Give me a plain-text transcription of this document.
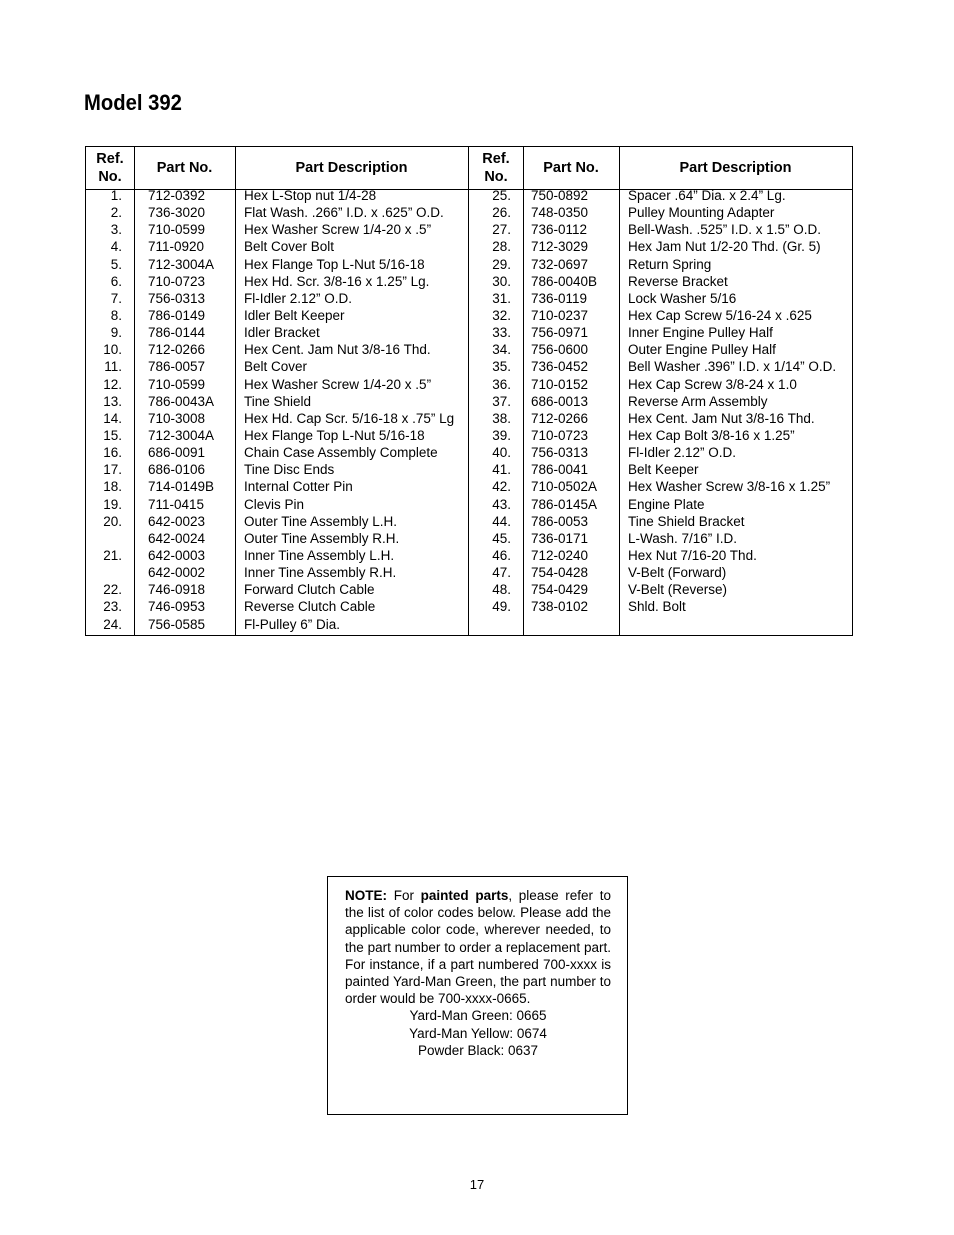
Model 392
Ref. No.
Part No.	Part Description
1. 712-0392	Hex L-Stop nut 1/4-28
2. 736-3020	Flat Wash. .266” I.D. x .625” O.D.
3. 710-0599	Hex Washer Screw 1/4-20 x .5”
4. 711-0920	Belt Cover Bolt
5. 712-3004A Hex Flange Top L-Nut 5/16-18
6. 710-0723	Hex Hd. Scr. 3/8-16 x 1.25” Lg.
7. 756-0313	Fl-Idler 2.12” O.D.
8. 786-0149	Idler Belt Keeper
9. 786-0144	Idler Bracket
10. 712-0266	Hex Cent. Jam Nut 3/8-16 Thd.
11. 786-0057	Belt Cover
12. 710-0599	Hex Washer Screw 1/4-20 x .5”
13. 786-0043A Tine Shield
14. 710-3008	Hex Hd. Cap Scr. 5/16-18 x .75” Lg
15. 712-3004A Hex Flange Top L-Nut 5/16-18
16. 686-0091	Chain Case Assembly Complete
17. 686-0106	Tine Disc Ends
18. 714-0149B Internal Cotter Pin
19. 711-0415	Clevis Pin
20. 642-0023	Outer Tine Assembly L.H.
642-0024	Outer Tine Assembly R.H.
21. 642-0003	Inner Tine Assembly L.H.
642-0002	Inner Tine Assembly R.H.
22. 746-0918	Forward Clutch Cable
23. 746-0953	Reverse Clutch Cable
24. 756-0585	Fl-Pulley 6” Dia.
Ref. No.
Part No.	Part Description
25. 750-0892	Spacer .64” Dia. x 2.4” Lg.
26. 748-0350	Pulley Mounting Adapter
27. 736-0112	Bell-Wash. .525” I.D. x 1.5” O.D.
28. 712-3029	Hex Jam Nut 1/2-20 Thd. (Gr. 5)
29. 732-0697	Return Spring
30. 786-0040B Reverse Bracket
31. 736-0119	Lock Washer 5/16
32. 710-0237	Hex Cap Screw 5/16-24 x .625
33. 756-0971	Inner Engine Pulley Half
34. 756-0600	Outer Engine Pulley Half
35. 736-0452	Bell Washer .396” I.D. x 1/14” O.D.
36. 710-0152	Hex Cap Screw 3/8-24 x 1.0
37. 686-0013	Reverse Arm Assembly
38. 712-0266	Hex Cent. Jam Nut 3/8-16 Thd.
39. 710-0723	Hex Cap Bolt 3/8-16 x 1.25”
40. 756-0313	Fl-Idler 2.12” O.D.
41. 786-0041	Belt Keeper
42. 710-0502A Hex Washer Screw 3/8-16 x 1.25”
43. 786-0145A Engine Plate
44. 786-0053	Tine Shield Bracket
45. 736-0171	L-Wash. 7/16” I.D.
46. 712-0240	Hex Nut 7/16-20 Thd.
47. 754-0428	V-Belt (Forward)
48. 754-0429	V-Belt (Reverse)
49. 738-0102	Shld. Bolt

NOTE: For painted parts, please refer to the list of color codes below. Please add the applicable color code, wherever needed, to the part number to order a replacement part. For instance, if a part numbered 700-xxxx is painted Yard-Man Green, the part number to order would be 700-xxxx-0665.

Yard-Man Green: 0665
Yard-Man Yellow: 0674
Powder Black: 0637
17
